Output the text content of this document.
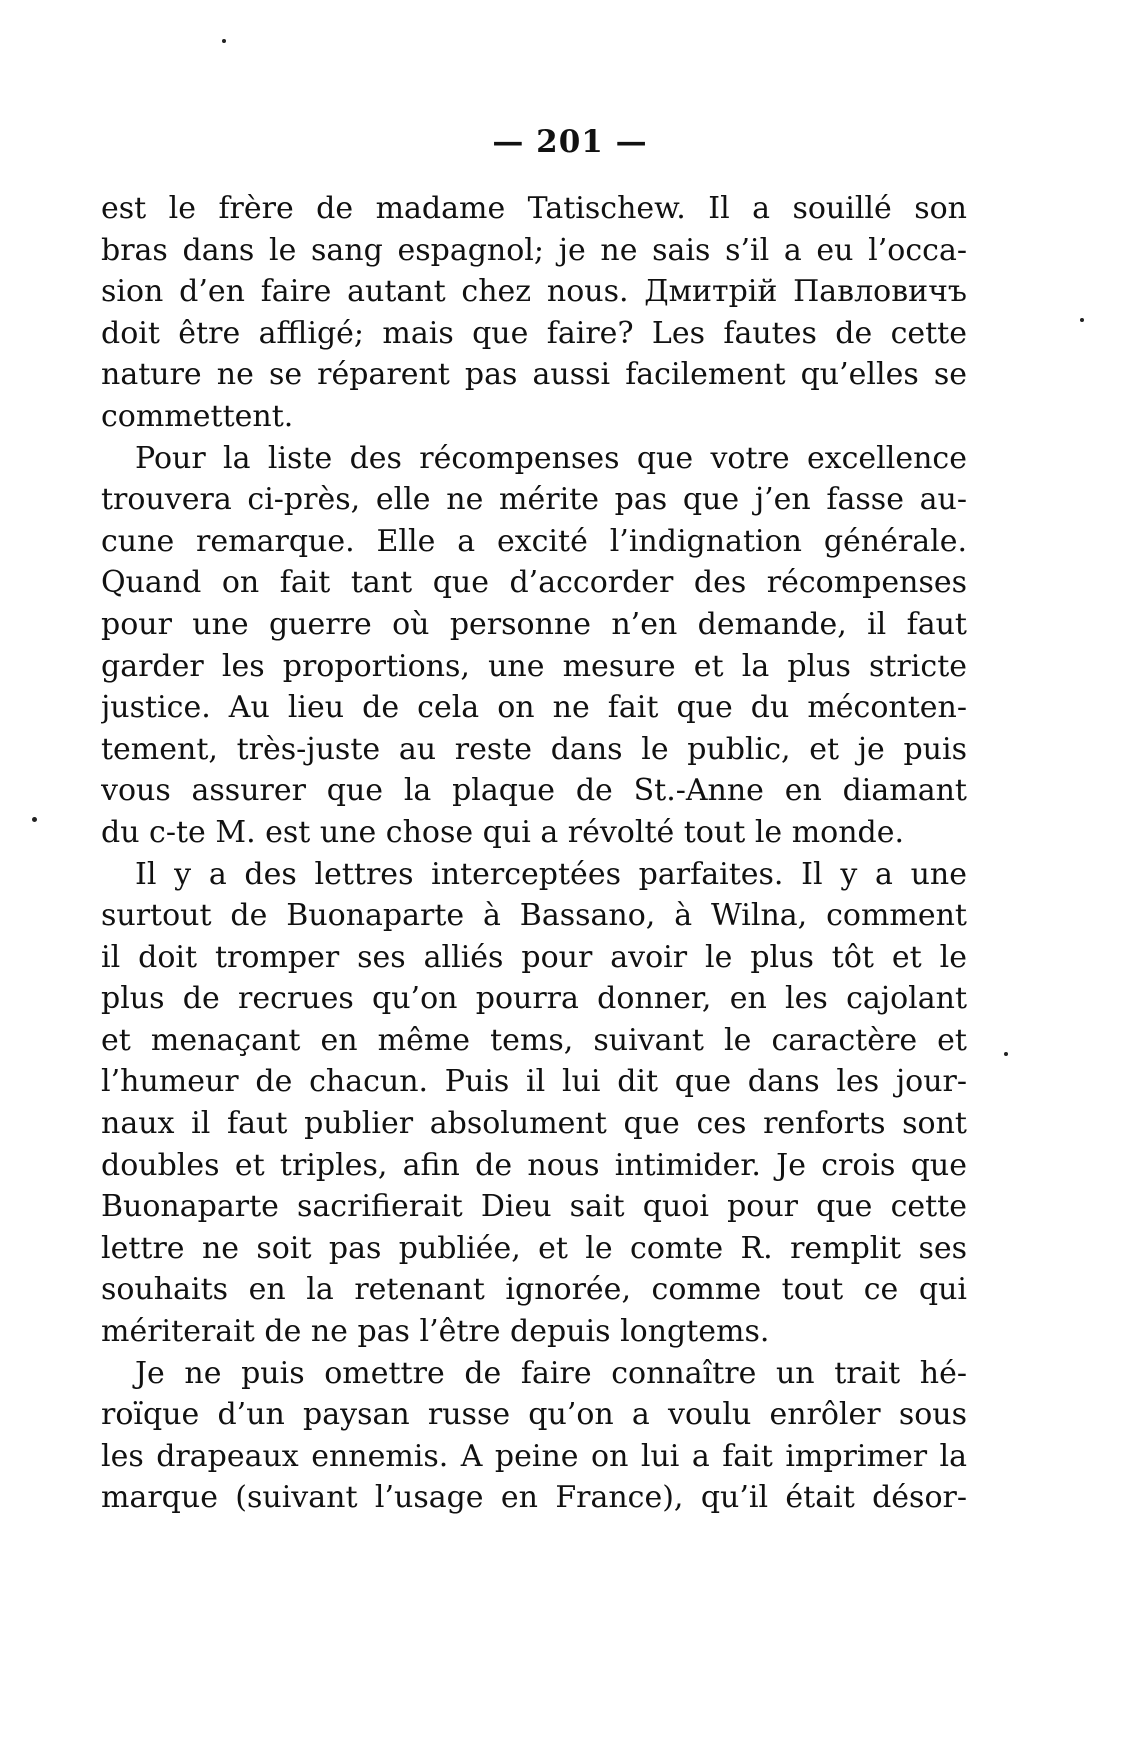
— 201 —
est le frère de madame Tatischew. Il a souillé son
bras dans le sang espagnol; je ne sais s’il a eu l’occa-
sion d’en faire autant chez nous. Дмитрій Павловичъ
doit être affligé; mais que faire? Les fautes de cette
nature ne se réparent pas aussi facilement qu’elles se
commettent.
Pour la liste des récompenses que votre excellence
trouvera ci-près, elle ne mérite pas que j’en fasse au-
cune remarque. Elle a excité l’indignation générale.
Quand on fait tant que d’accorder des récompenses
pour une guerre où personne n’en demande, il faut
garder les proportions, une mesure et la plus stricte
justice. Au lieu de cela on ne fait que du méconten-
tement, très-juste au reste dans le public, et je puis
vous assurer que la plaque de St.-Anne en diamant
du c-te M. est une chose qui a révolté tout le monde.
Il y a des lettres interceptées parfaites. Il y a une
surtout de Buonaparte à Bassano, à Wilna, comment
il doit tromper ses alliés pour avoir le plus tôt et le
plus de recrues qu’on pourra donner, en les cajolant
et menaçant en même tems, suivant le caractère et
l’humeur de chacun. Puis il lui dit que dans les jour-
naux il faut publier absolument que ces renforts sont
doubles et triples, afin de nous intimider. Je crois que
Buonaparte sacrifierait Dieu sait quoi pour que cette
lettre ne soit pas publiée, et le comte R. remplit ses
souhaits en la retenant ignorée, comme tout ce qui
mériterait de ne pas l’être depuis longtems.
Je ne puis omettre de faire connaître un trait hé-
roïque d’un paysan russe qu’on a voulu enrôler sous
les drapeaux ennemis. A peine on lui a fait imprimer la
marque (suivant l’usage en France), qu’il était désor-
